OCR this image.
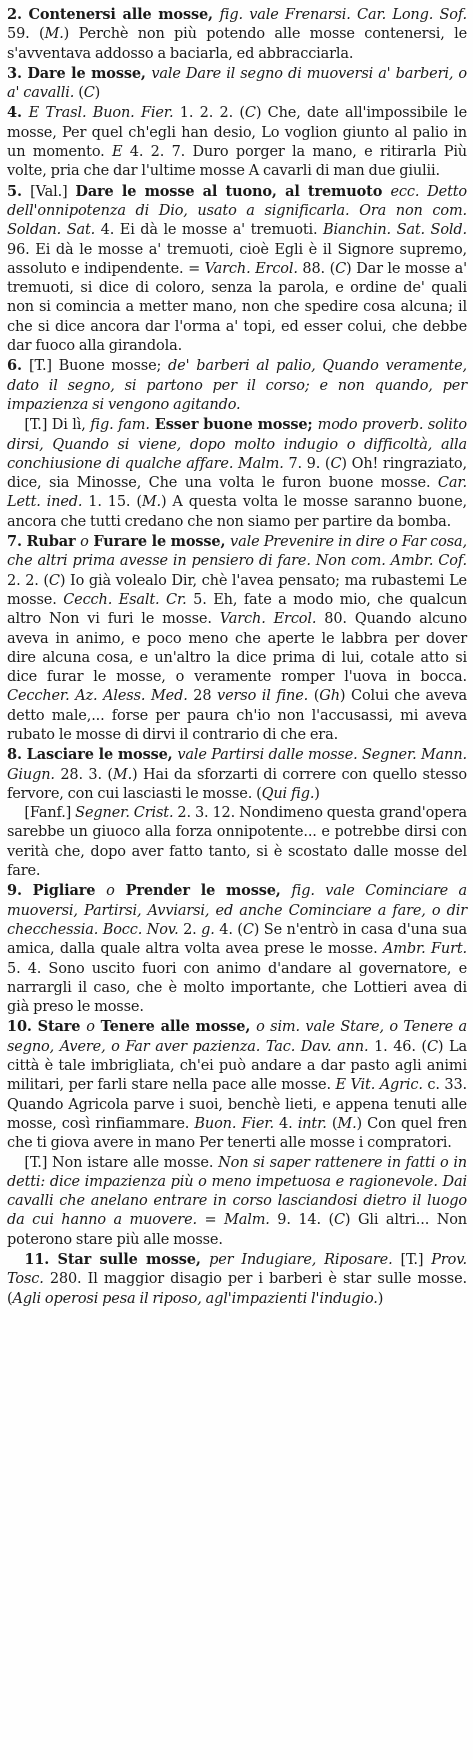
2. Contenersi alle mosse, fig. vale Frenarsi. Car. Long. Sof. 59. (M.) Perchè non più potendo alle mosse contenersi, le s'avventava addosso a baciarla, ed abbracciarla.

3. Dare le mosse, vale Dare il segno di muoversi a' barberi, o a' cavalli. (C)

4. E Trasl. Buon. Fier. 1. 2. 2. (C) Che, date all'impossibile le mosse, Per quel ch'egli han desio, Lo voglion giunto al palio in un momento. E 4. 2. 7. Duro porger la mano, e ritirarla Più volte, pria che dar l'ultime mosse A cavarli di man due giulii.

5. [Val.] Dare le mosse al tuono, al tremuoto ecc. Detto dell'onnipotenza di Dio, usato a significarla. Ora non com. Soldan. Sat. 4. Ei dà le mosse a' tremuoti. Bianchin. Sat. Sold. 96. Ei dà le mosse a' tremuoti, cioè Egli è il Signore supremo, assoluto e indipendente. = Varch. Ercol. 88. (C) Dar le mosse a' tremuoti, si dice di coloro, senza la parola, e ordine de' quali non si comincia a metter mano, non che spedire cosa alcuna; il che si dice ancora dar l'orma a' topi, ed esser colui, che debbe dar fuoco alla girandola.

6. [T.] Buone mosse; de' barberi al palio, Quando veramente, dato il segno, si partono per il corso; e non quando, per impazienza si vengono agitando.

[T.] Di lì, fig. fam. Esser buone mosse; modo proverb. solito dirsi, Quando si viene, dopo molto indugio o difficoltà, alla conchiusione di qualche affare. Malm. 7. 9. (C) Oh! ringraziato, dice, sia Minosse, Che una volta le furon buone mosse. Car. Lett. ined. 1. 15. (M.) A questa volta le mosse saranno buone, ancora che tutti credano che non siamo per partire da bomba.

7. Rubar o Furare le mosse, vale Prevenire in dire o Far cosa, che altri prima avesse in pensiero di fare. Non com. Ambr. Cof. 2. 2. (C) Io già volealo Dir, chè l'avea pensato; ma rubastemi Le mosse. Cecch. Esalt. Cr. 5. Eh, fate a modo mio, che qualcun altro Non vi furi le mosse. Varch. Ercol. 80. Quando alcuno aveva in animo, e poco meno che aperte le labbra per dover dire alcuna cosa, e un'altro la dice prima di lui, cotale atto si dice furar le mosse, o veramente romper l'uova in bocca. Ceccher. Az. Aless. Med. 28 verso il fine. (Gh) Colui che aveva detto male,... forse per paura ch'io non l'accusassi, mi aveva rubato le mosse di dirvi il contrario di che era.

8. Lasciare le mosse, vale Partirsi dalle mosse. Segner. Mann. Giugn. 28. 3. (M.) Hai da sforzarti di correre con quello stesso fervore, con cui lasciasti le mosse. (Qui fig.)

[Fanf.] Segner. Crist. 2. 3. 12. Nondimeno questa grand'opera sarebbe un giuoco alla forza onnipotente... e potrebbe dirsi con verità che, dopo aver fatto tanto, si è scostato dalle mosse del fare.

9. Pigliare o Prender le mosse, fig. vale Cominciare a muoversi, Partirsi, Avviarsi, ed anche Cominciare a fare, o dir checchessia. Bocc. Nov. 2. g. 4. (C) Se n'entrò in casa d'una sua amica, dalla quale altra volta avea prese le mosse. Ambr. Furt. 5. 4. Sono uscito fuori con animo d'andare al governatore, e narrargli il caso, che è molto importante, che Lottieri avea di già preso le mosse.

10. Stare o Tenere alle mosse, o sim. vale Stare, o Tenere a segno, Avere, o Far aver pazienza. Tac. Dav. ann. 1. 46. (C) La città è tale imbrigliata, ch'ei può andare a dar pasto agli animi militari, per farli stare nella pace alle mosse. E Vit. Agric. c. 33. Quando Agricola parve i suoi, benchè lieti, e appena tenuti alle mosse, così rinfiammare. Buon. Fier. 4. intr. (M.) Con quel fren che ti giova avere in mano Per tenerti alle mosse i compratori.

[T.] Non istare alle mosse. Non si saper rattenere in fatti o in detti: dice impazienza più o meno impetuosa e ragionevole. Dai cavalli che anelano entrare in corso lasciandosi dietro il luogo da cui hanno a muovere. = Malm. 9. 14. (C) Gli altri... Non poterono stare più alle mosse.

11. Star sulle mosse, per Indugiare, Riposare. [T.] Prov. Tosc. 280. Il maggior disagio per i barberi è star sulle mosse. (Agli operosi pesa il riposo, agl'impazienti l'indugio.)
